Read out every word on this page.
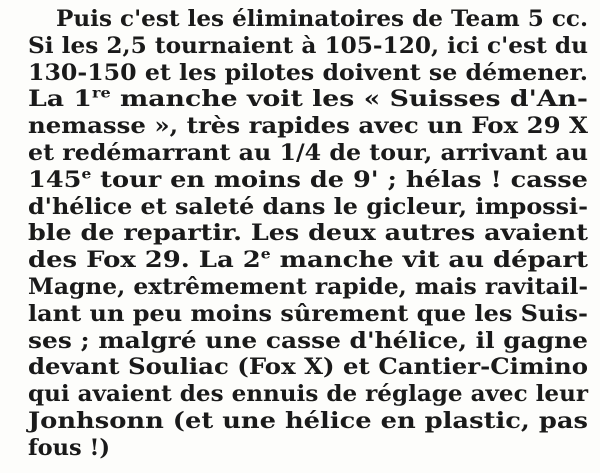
Puis c'est les éliminatoires de Team 5 cc.
Si les 2,5 tournaient à 105-120, ici c'est du
130-150 et les pilotes doivent se démener.
La 1re manche voit les « Suisses d'An-
nemasse », très rapides avec un Fox 29 X
et redémarrant au 1/4 de tour, arrivant au
145e tour en moins de 9' ; hélas ! casse
d'hélice et saleté dans le gicleur, impossi-
ble de repartir. Les deux autres avaient
des Fox 29. La 2e manche vit au départ
Magne, extrêmement rapide, mais ravitail-
lant un peu moins sûrement que les Suis-
ses ; malgré une casse d'hélice, il gagne
devant Souliac (Fox X) et Cantier-Cimino
qui avaient des ennuis de réglage avec leur
Jonhsonn (et une hélice en plastic, pas
fous !)
